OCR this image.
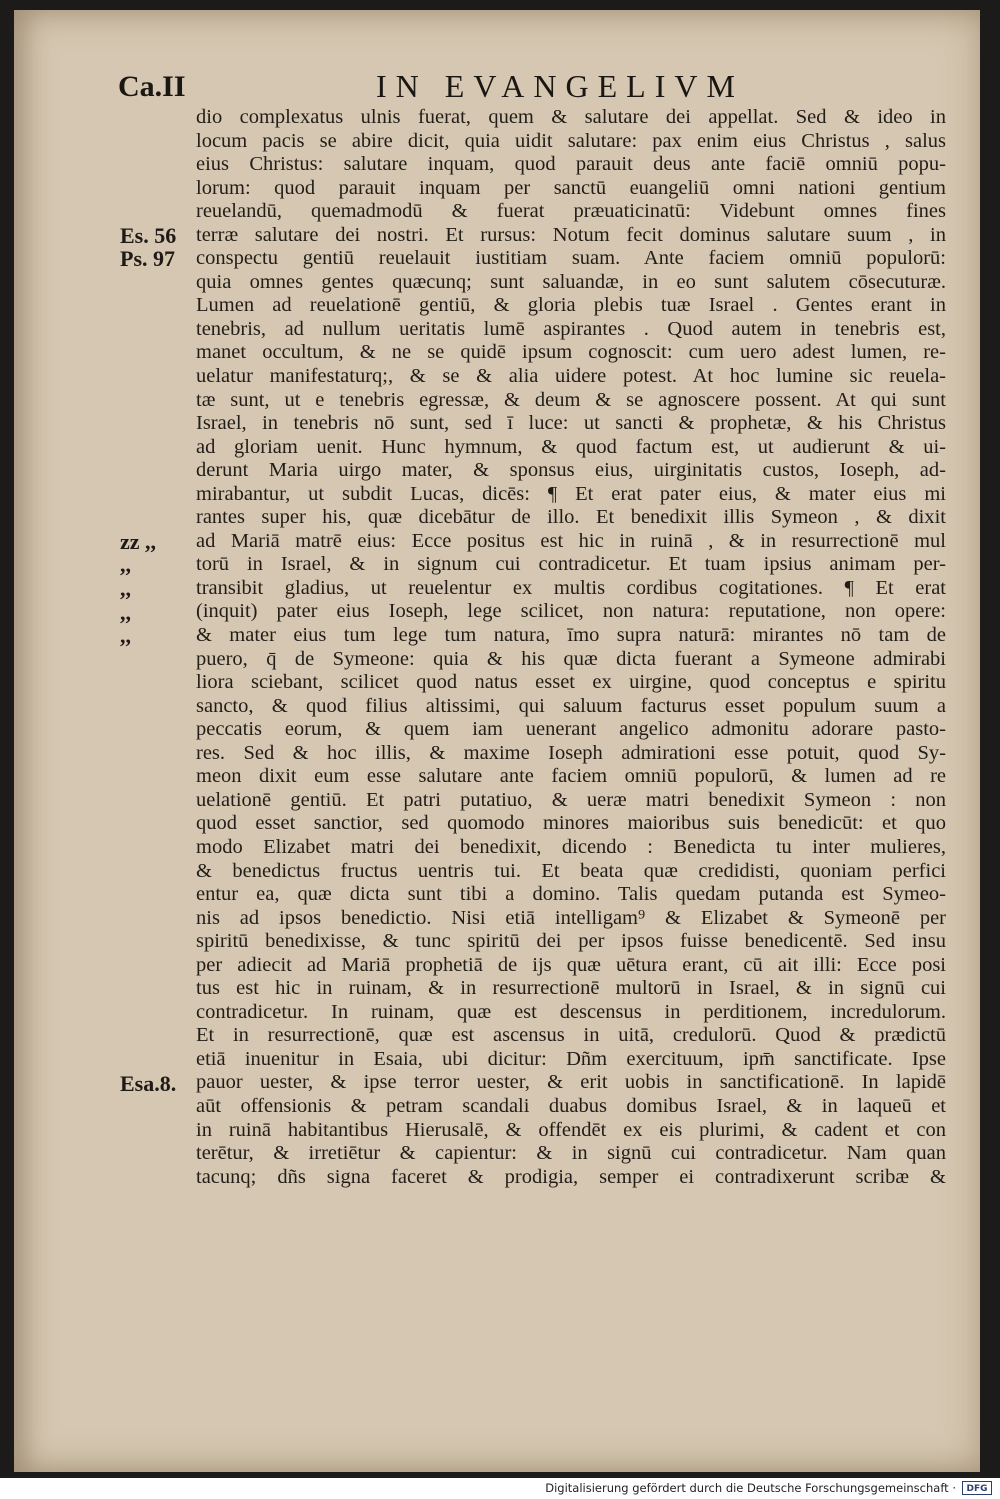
Ca.II	IN EVANGELIVM
Es. 56
Ps. 97
zz ,,
,,
,,
,,
,,
Esa.8.
dio complexatus ulnis fuerat, quem & salutare dei appellat. Sed & ideo in
locum pacis se abire dicit, quia uidit salutare: pax enim eius Christus , salus
eius Christus: salutare inquam, quod parauit deus ante faciē omniū popu-
lorum: quod parauit inquam per sanctū euangeliū omni nationi gentium
reuelandū, quemadmodū & fuerat præuaticinatū: Videbunt omnes fines
terræ salutare dei nostri. Et rursus: Notum fecit dominus salutare suum , in
conspectu gentiū reuelauit iustitiam suam. Ante faciem omniū populorū:
quia omnes gentes quæcunq; sunt saluandæ, in eo sunt salutem cōsecuturæ.
Lumen ad reuelationē gentiū, & gloria plebis tuæ Israel . Gentes erant in
tenebris, ad nullum ueritatis lumē aspirantes . Quod autem in tenebris est,
manet occultum, & ne se quidē ipsum cognoscit: cum uero adest lumen, re-
uelatur manifestaturq;, & se & alia uidere potest. At hoc lumine sic reuela-
tæ sunt, ut e tenebris egressæ, & deum & se agnoscere possent. At qui sunt
Israel, in tenebris nō sunt, sed ī luce: ut sancti & prophetæ, & his Christus
ad gloriam uenit. Hunc hymnum, & quod factum est, ut audierunt & ui-
derunt Maria uirgo mater, & sponsus eius, uirginitatis custos, Ioseph, ad-
mirabantur, ut subdit Lucas, dicēs: ¶ Et erat pater eius, & mater eius mi
rantes super his, quæ dicebātur de illo. Et benedixit illis Symeon , & dixit
ad Mariā matrē eius: Ecce positus est hic in ruinā , & in resurrectionē mul
torū in Israel, & in signum cui contradicetur. Et tuam ipsius animam per-
transibit gladius, ut reuelentur ex multis cordibus cogitationes. ¶ Et erat
(inquit) pater eius Ioseph, lege scilicet, non natura: reputatione, non opere:
& mater eius tum lege tum natura, īmo supra naturā: mirantes nō tam de
puero, q̄ de Symeone: quia & his quæ dicta fuerant a Symeone admirabi
liora sciebant, scilicet quod natus esset ex uirgine, quod conceptus e spiritu
sancto, & quod filius altissimi, qui saluum facturus esset populum suum a
peccatis eorum, & quem iam uenerant angelico admonitu adorare pasto-
res. Sed & hoc illis, & maxime Ioseph admirationi esse potuit, quod Sy-
meon dixit eum esse salutare ante faciem omniū populorū, & lumen ad re
uelationē gentiū. Et patri putatiuo, & ueræ matri benedixit Symeon : non
quod esset sanctior, sed quomodo minores maioribus suis benedicūt: et quo
modo Elizabet matri dei benedixit, dicendo : Benedicta tu inter mulieres,
& benedictus fructus uentris tui. Et beata quæ credidisti, quoniam perfici
entur ea, quæ dicta sunt tibi a domino. Talis quedam putanda est Symeo-
nis ad ipsos benedictio. Nisi etiā intelligam⁹ & Elizabet & Symeonē per
spiritū benedixisse, & tunc spiritū dei per ipsos fuisse benedicentē. Sed insu
per adiecit ad Mariā prophetiā de ijs quæ uētura erant, cū ait illi: Ecce posi
tus est hic in ruinam, & in resurrectionē multorū in Israel, & in signū cui
contradicetur. In ruinam, quæ est descensus in perditionem, incredulorum.
Et in resurrectionē, quæ est ascensus in uitā, credulorū. Quod & prædictū
etiā inuenitur in Esaia, ubi dicitur: Dñm exercituum, ipm̄ sanctificate. Ipse
pauor uester, & ipse terror uester, & erit uobis in sanctificationē. In lapidē
aūt offensionis & petram scandali duabus domibus Israel, & in laqueū et
in ruinā habitantibus Hierusalē, & offendēt ex eis plurimi, & cadent et con
terētur, & irretiētur & capientur: & in signū cui contradicetur. Nam quan
tacunq; dñs signa faceret & prodigia, semper ei contradixerunt scribæ &
Digitalisierung gefördert durch die Deutsche Forschungsgemeinschaft ·	DFG
